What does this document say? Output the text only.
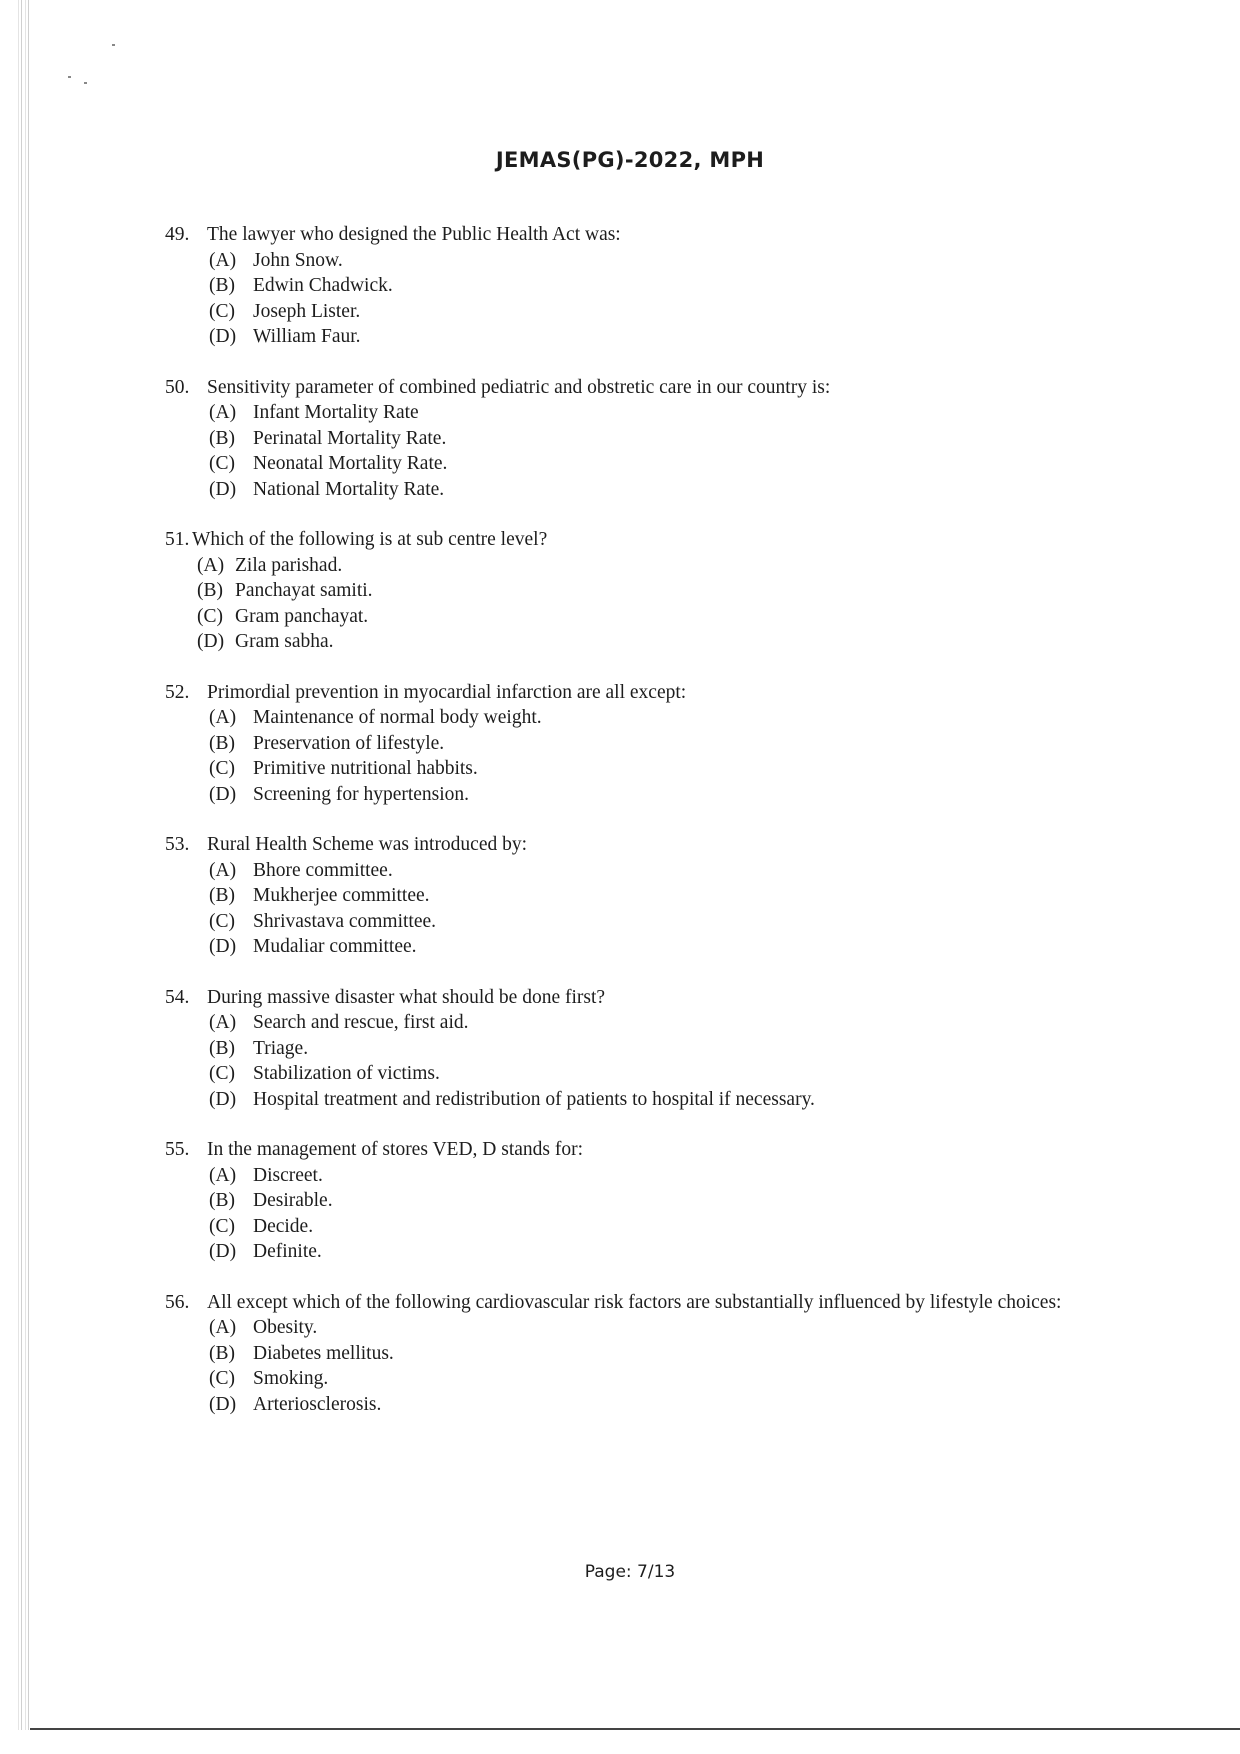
JEMAS(PG)-2022, MPH
49. The lawyer who designed the Public Health Act was:
(A) John Snow.
(B) Edwin Chadwick.
(C) Joseph Lister.
(D) William Faur.
50. Sensitivity parameter of combined pediatric and obstretic care in our country is:
(A) Infant Mortality Rate
(B) Perinatal Mortality Rate.
(C) Neonatal Mortality Rate.
(D) National Mortality Rate.
51. Which of the following is at sub centre level?
(A) Zila parishad.
(B) Panchayat samiti.
(C) Gram panchayat.
(D) Gram sabha.
52. Primordial prevention in myocardial infarction are all except:
(A) Maintenance of normal body weight.
(B) Preservation of lifestyle.
(C) Primitive nutritional habbits.
(D) Screening for hypertension.
53. Rural Health Scheme was introduced by:
(A) Bhore committee.
(B) Mukherjee committee.
(C) Shrivastava committee.
(D) Mudaliar committee.
54. During massive disaster what should be done first?
(A) Search and rescue, first aid.
(B) Triage.
(C) Stabilization of victims.
(D) Hospital treatment and redistribution of patients to hospital if necessary.
55. In the management of stores VED, D stands for:
(A) Discreet.
(B) Desirable.
(C) Decide.
(D) Definite.
56. All except which of the following cardiovascular risk factors are substantially influenced by lifestyle choices:
(A) Obesity.
(B) Diabetes mellitus.
(C) Smoking.
(D) Arteriosclerosis.
Page: 7/13
